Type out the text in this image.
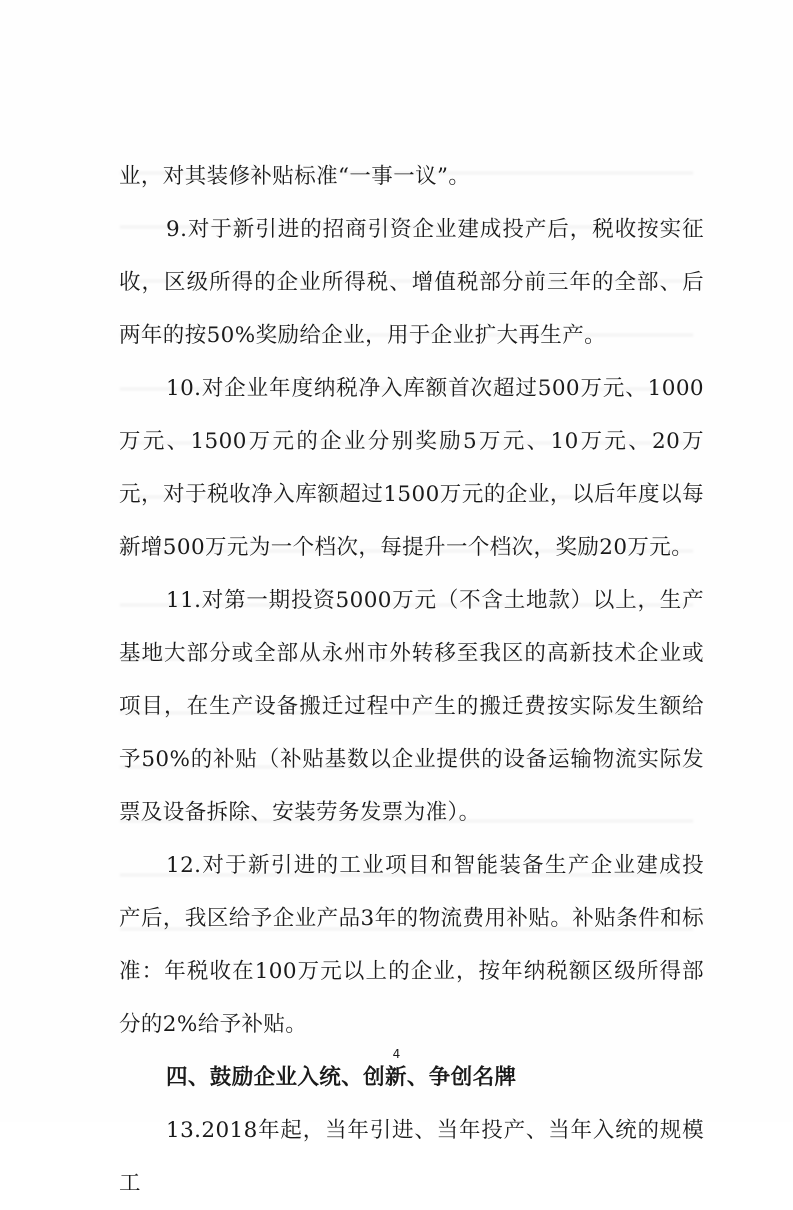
业，对其装修补贴标准“一事一议”。

9.对于新引进的招商引资企业建成投产后，税收按实征收，区级所得的企业所得税、增值税部分前三年的全部、后两年的按50%奖励给企业，用于企业扩大再生产。

10.对企业年度纳税净入库额首次超过500万元、1000万元、1500万元的企业分别奖励5万元、10万元、20万元，对于税收净入库额超过1500万元的企业，以后年度以每新增500万元为一个档次，每提升一个档次，奖励20万元。

11.对第一期投资5000万元（不含土地款）以上，生产基地大部分或全部从永州市外转移至我区的高新技术企业或项目，在生产设备搬迁过程中产生的搬迁费按实际发生额给予50%的补贴（补贴基数以企业提供的设备运输物流实际发票及设备拆除、安装劳务发票为准）。

12.对于新引进的工业项目和智能装备生产企业建成投产后，我区给予企业产品3年的物流费用补贴。补贴条件和标准：年税收在100万元以上的企业，按年纳税额区级所得部分的2%给予补贴。

四、鼓励企业入统、创新、争创名牌

13.2018年起，当年引进、当年投产、当年入统的规模工

4
